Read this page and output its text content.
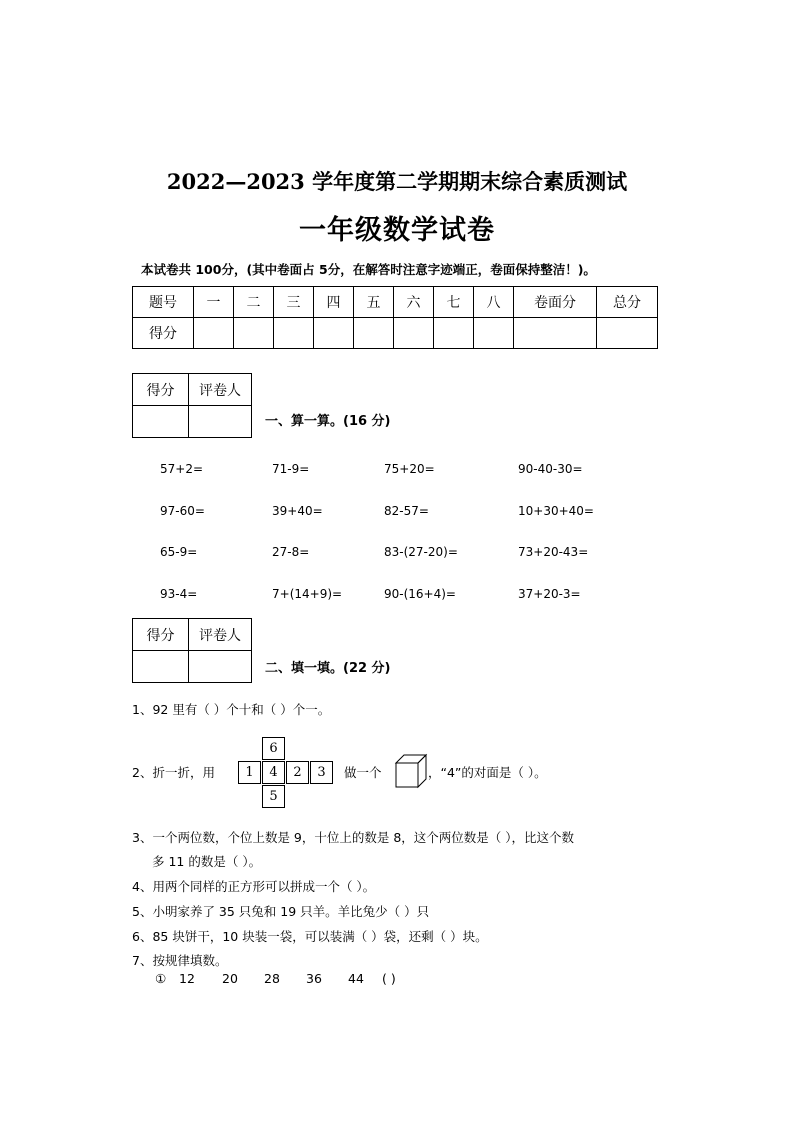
2022—2023 学年度第二学期期末综合素质测试
一年级数学试卷
本试卷共 100分，(其中卷面占 5分，在解答时注意字迹端正，卷面保持整洁！)。
题号	一	二	三	四	五	六	七	八	卷面分	总分
得分										
得分	评卷人

一、算一算。(16 分)
57+2=	71-9=	75+20=	90-40-30=
97-60=	39+40=	82-57=	10+30+40=
65-9=	27-8=	83-(27-20)=	73+20-43=
93-4=	7+(14+9)=	90-(16+4)=	37+20-3=
得分	评卷人

二、填一填。(22 分)
1、92 里有（ ）个十和（ ）个一。
2、折一折，用
6
1	4	2	3
5
做一个	，“4”的对面是（ ）。
3、一个两位数，个位上数是 9，十位上的数是 8，这个两位数是（ ），比这个数
多 11 的数是（ ）。
4、用两个同样的正方形可以拼成一个（ ）。
5、小明家养了 35 只兔和 19 只羊。羊比兔少（ ）只
6、85 块饼干，10 块装一袋，可以装满（ ）袋，还剩（ ）块。
7、按规律填数。
① 12 20 28 36 44 ( )
